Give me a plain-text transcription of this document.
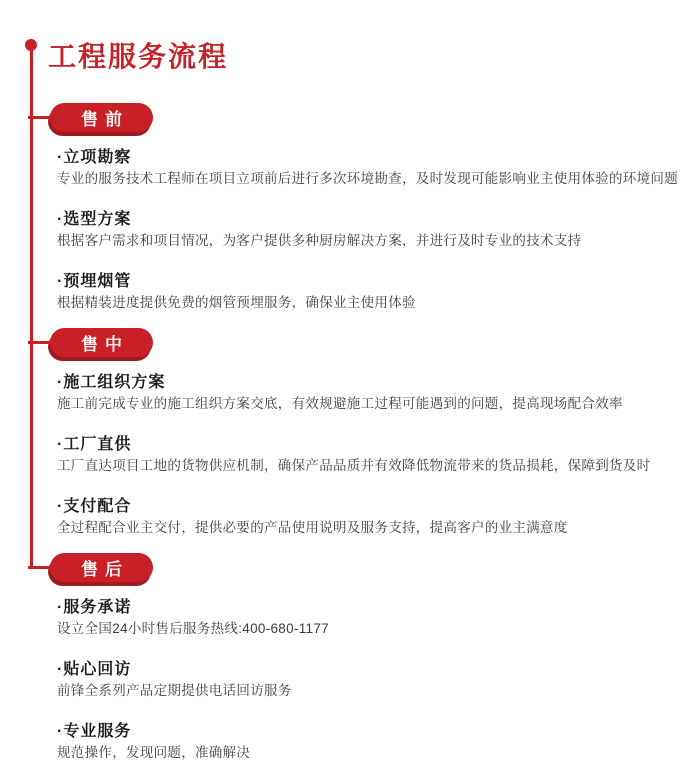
工程服务流程
售前
·立项勘察
专业的服务技术工程师在项目立项前后进行多次环境勘查，及时发现可能影响业主使用体验的环境问题
·选型方案
根据客户需求和项目情况，为客户提供多种厨房解决方案，并进行及时专业的技术支持
·预埋烟管
根据精装进度提供免费的烟管预埋服务，确保业主使用体验
售中
·施工组织方案
施工前完成专业的施工组织方案交底，有效规避施工过程可能遇到的问题，提高现场配合效率
·工厂直供
工厂直达项目工地的货物供应机制，确保产品品质并有效降低物流带来的货品损耗，保障到货及时
·支付配合
全过程配合业主交付，提供必要的产品使用说明及服务支持，提高客户的业主满意度
售后
·服务承诺
设立全国24小时售后服务热线:400-680-1177
·贴心回访
前锋全系列产品定期提供电话回访服务
·专业服务
规范操作，发现问题，准确解决
